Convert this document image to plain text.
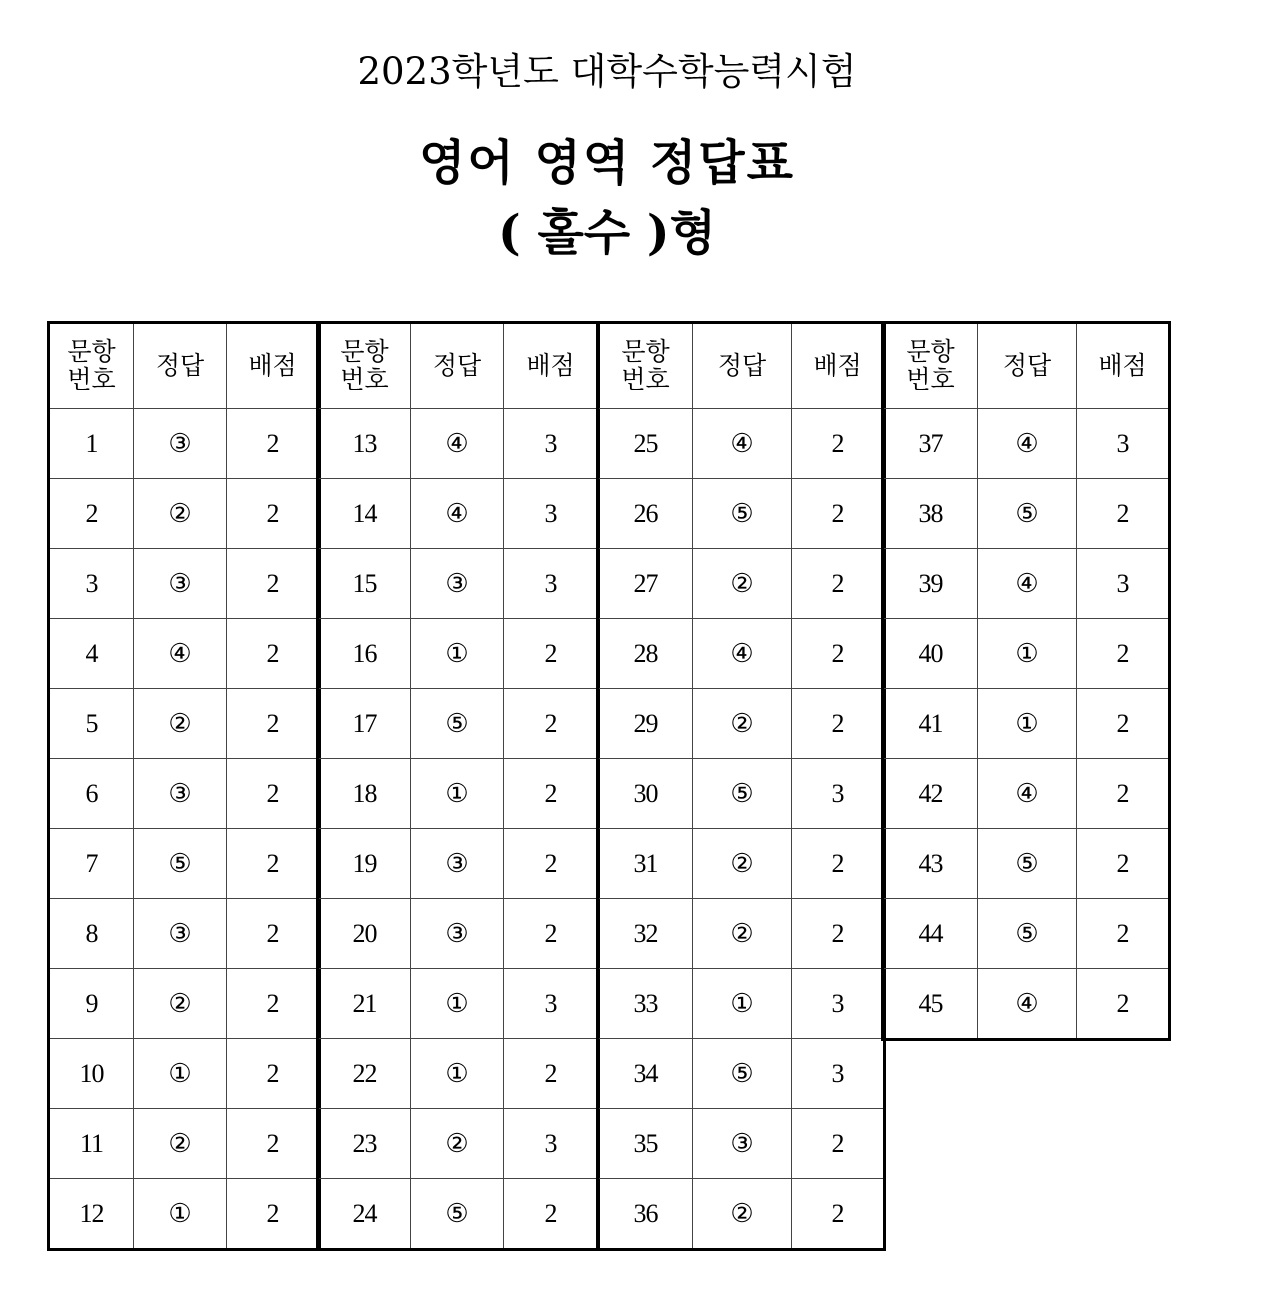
2023학년도 대학수학능력시험
영어 영역 정답표
( 홀수 )형
문항
번호	정답	배점
1	③	2
2	②	2
3	③	2
4	④	2
5	②	2
6	③	2
7	⑤	2
8	③	2
9	②	2
10	①	2
11	②	2
12	①	2
문항
번호	정답	배점
13	④	3
14	④	3
15	③	3
16	①	2
17	⑤	2
18	①	2
19	③	2
20	③	2
21	①	3
22	①	2
23	②	3
24	⑤	2
문항
번호	정답	배점
25	④	2
26	⑤	2
27	②	2
28	④	2
29	②	2
30	⑤	3
31	②	2
32	②	2
33	①	3
34	⑤	3
35	③	2
36	②	2
문항
번호	정답	배점
37	④	3
38	⑤	2
39	④	3
40	①	2
41	①	2
42	④	2
43	⑤	2
44	⑤	2
45	④	2
